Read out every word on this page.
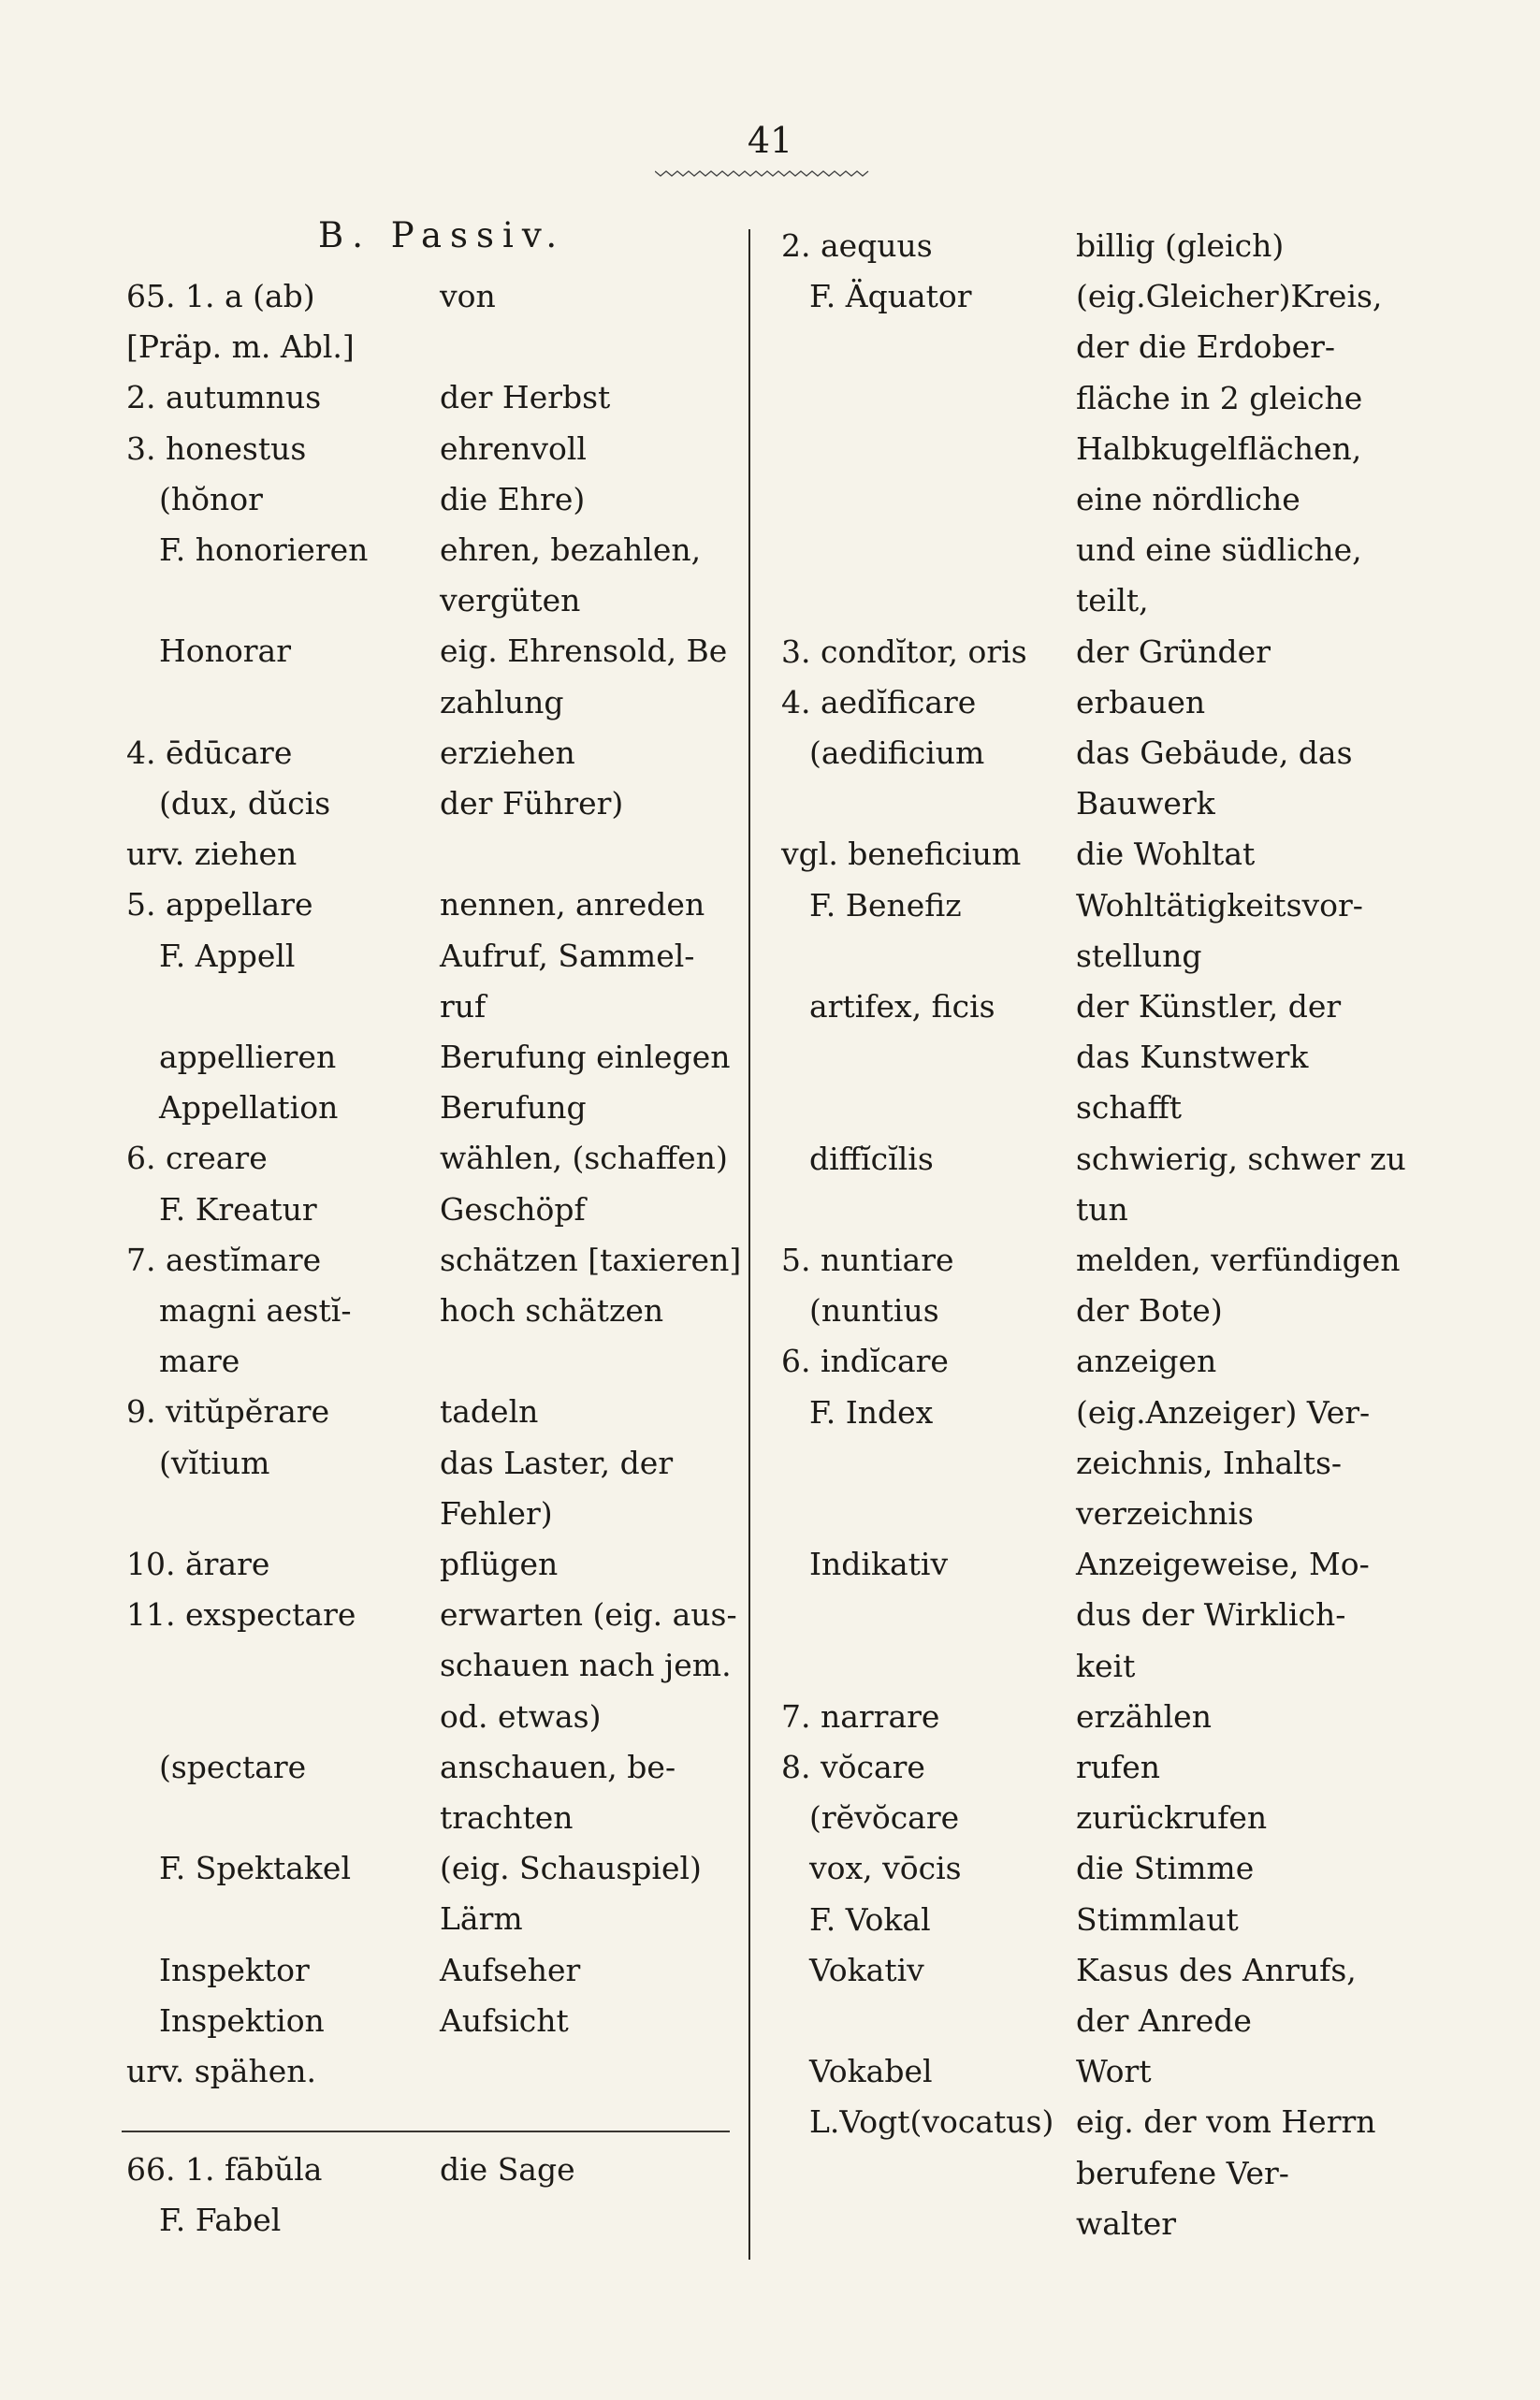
41
B. Passiv.
65. 1. a (ab)	von
[Präp. m. Abl.]
2. autumnus	der Herbst
3. honestus	ehrenvoll
(hŏnor	die Ehre)
F. honorieren ehren, bezahlen,
vergüten
Honorar	eig. Ehrensold, Be
zahlung
4. ēdūcare	erziehen
(dux, dŭcis	der Führer)
urv. ziehen
5. appellare	nennen, anreden
F. Appell	Aufruf, Sammel-
ruf
appellieren	Berufung einlegen
Appellation	Berufung
6. creare	wählen, (schaffen)
F. Kreatur	Geschöpf
7. aestĭmare	schätzen [taxieren]
magni aestĭ-	hoch schätzen
mare
9. vitŭpĕrare	tadeln
(vĭtium	das Laster, der
Fehler)
10. ărare	pflügen
11. exspectare	erwarten (eig. aus-
schauen nach jem.
od. etwas)
(spectare	anschauen, be-
trachten
F. Spektakel	(eig. Schauspiel)
Lärm
Inspektor	Aufseher
Inspektion	Aufsicht
urv. spähen.
66. 1. fābŭla	die Sage
F. Fabel
2. aequus	billig (gleich)
F. Äquator	(eig.Gleicher)Kreis,
der die Erdober-
fläche in 2 gleiche
Halbkugelflächen,
eine nördliche
und eine südliche,
teilt,
3. condĭtor, oris der Gründer
4. aedĭficare	erbauen
(aedificium	das Gebäude, das
Bauwerk
vgl. beneficium die Wohltat
F. Benefiz	Wohltätigkeitsvor-
stellung
artifex, ficis	der Künstler, der
das Kunstwerk
schafft
diffĭcĭlis	schwierig, schwer zu
tun
5. nuntiare	melden, verfündigen
(nuntius	der Bote)
6. indĭcare	anzeigen
F. Index	(eig.Anzeiger) Ver-
zeichnis, Inhalts-
verzeichnis
Indikativ	Anzeigeweise, Mo-
dus der Wirklich-
keit
7. narrare	erzählen
8. vŏcare	rufen
(rĕvŏcare	zurückrufen
vox, vōcis	die Stimme
F. Vokal	Stimmlaut
Vokativ	Kasus des Anrufs,
der Anrede
Vokabel	Wort
L.Vogt(vocatus) eig. der vom Herrn
berufene Ver-
walter
